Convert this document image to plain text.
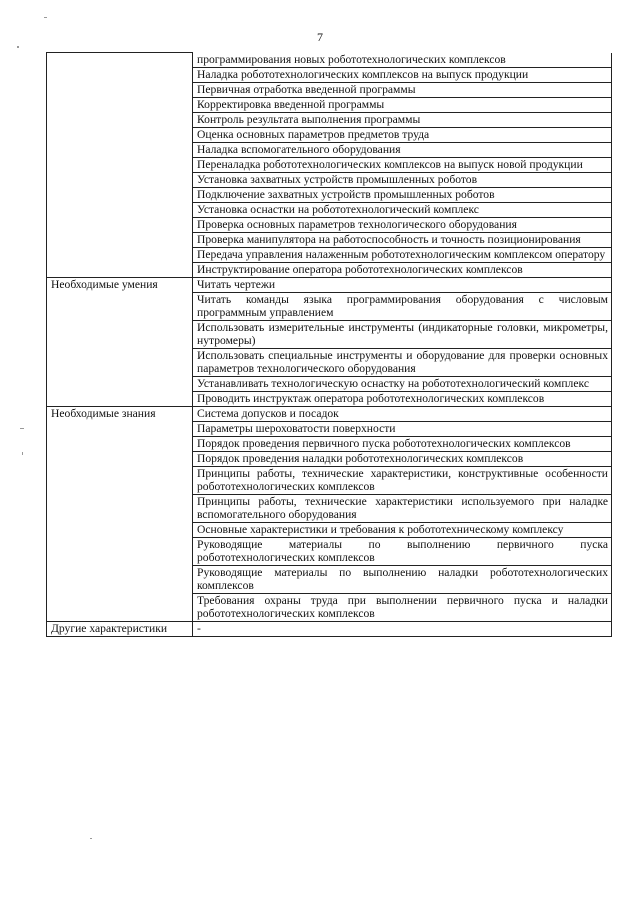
7
	программирования новых робототехнологических комплексов
	Наладка робототехнологических комплексов на выпуск продукции
	Первичная отработка введенной программы
	Корректировка введенной программы
	Контроль результата выполнения программы
	Оценка основных параметров предметов труда
	Наладка вспомогательного оборудования
	Переналадка робототехнологических комплексов на выпуск новой продукции
	Установка захватных устройств промышленных роботов
	Подключение захватных устройств промышленных роботов
	Установка оснастки на робототехнологический комплекс
	Проверка основных параметров технологического оборудования
	Проверка манипулятора на работоспособность и точность позиционирования
	Передача управления налаженным робототехнологическим комплексом оператору
	Инструктирование оператора робототехнологических комплексов
Необходимые умения	Читать чертежи
	Читать команды языка программирования оборудования с числовым программным управлением
	Использовать измерительные инструменты (индикаторные головки, микрометры, нутромеры)
	Использовать специальные инструменты и оборудование для проверки основных параметров технологического оборудования
	Устанавливать технологическую оснастку на робототехнологический комплекс
	Проводить инструктаж оператора робототехнологических комплексов
Необходимые знания	Система допусков и посадок
	Параметры шероховатости поверхности
	Порядок проведения первичного пуска робототехнологических комплексов
	Порядок проведения наладки робототехнологических комплексов
	Принципы работы, технические характеристики, конструктивные особенности робототехнологических комплексов
	Принципы работы, технические характеристики используемого при наладке вспомогательного оборудования
	Основные характеристики и требования к робототехническому комплексу
	Руководящие материалы по выполнению первичного пуска робототехнологических комплексов
	Руководящие материалы по выполнению наладки робототехнологических комплексов
	Требования охраны труда при выполнении первичного пуска и наладки робототехнологических комплексов
Другие характеристики	-
